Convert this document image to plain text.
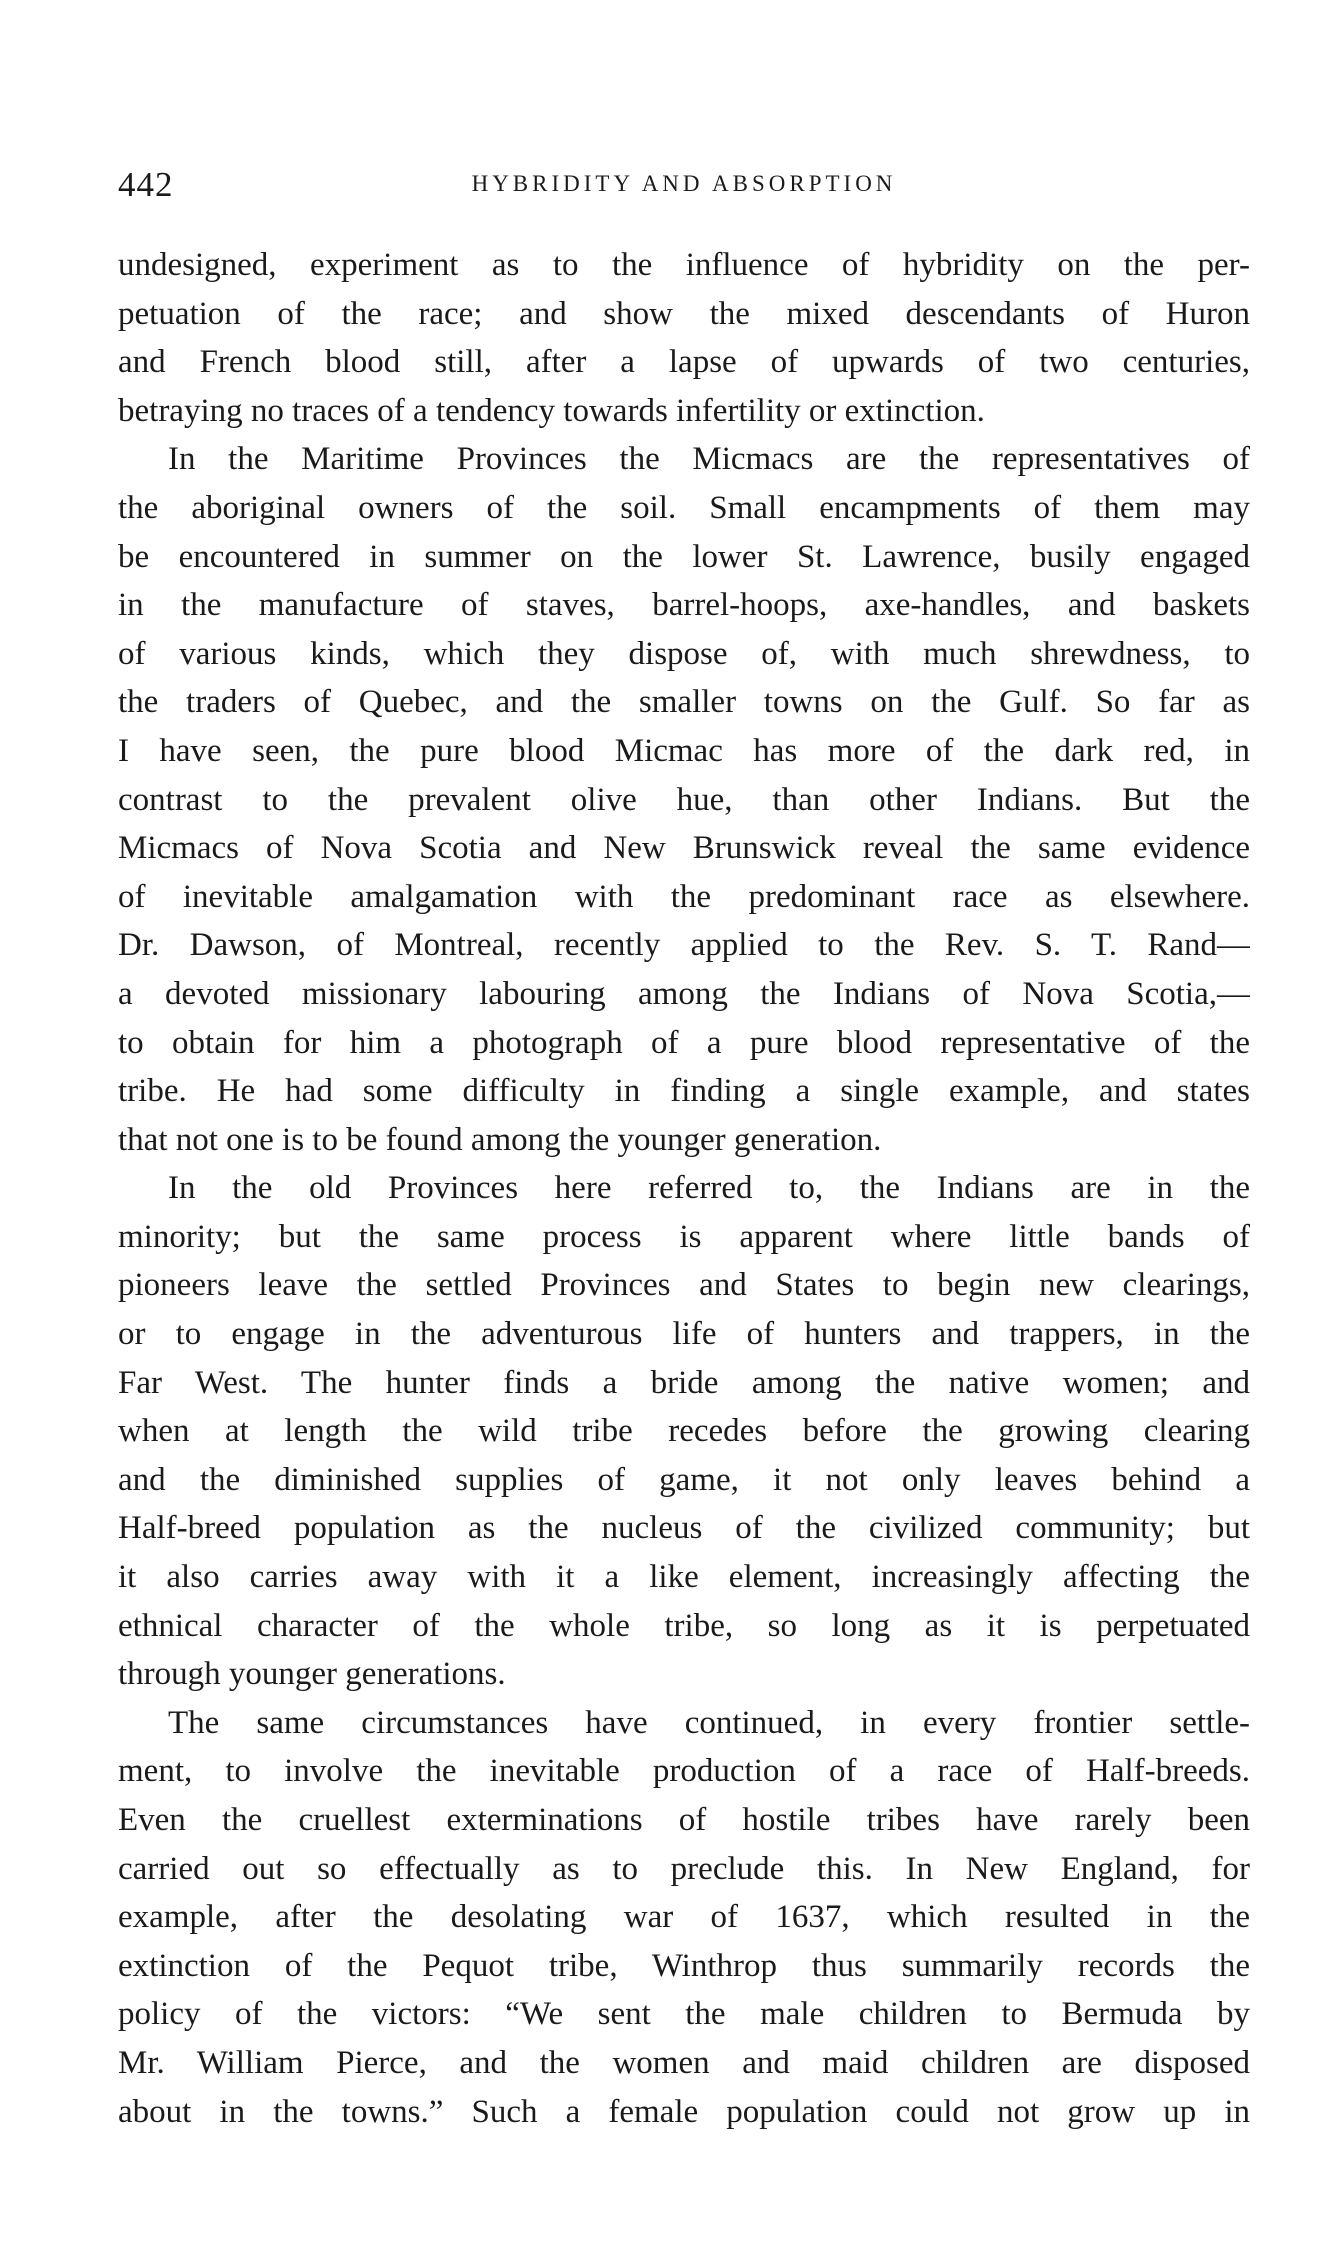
442	HYBRIDITY AND ABSORPTION

undesigned, experiment as to the influence of hybridity on the per-
petuation of the race; and show the mixed descendants of Huron
and French blood still, after a lapse of upwards of two centuries,
betraying no traces of a tendency towards infertility or extinction.

In the Maritime Provinces the Micmacs are the representatives of
the aboriginal owners of the soil. Small encampments of them may
be encountered in summer on the lower St. Lawrence, busily engaged
in the manufacture of staves, barrel-hoops, axe-handles, and baskets
of various kinds, which they dispose of, with much shrewdness, to
the traders of Quebec, and the smaller towns on the Gulf. So far as
I have seen, the pure blood Micmac has more of the dark red, in
contrast to the prevalent olive hue, than other Indians. But the
Micmacs of Nova Scotia and New Brunswick reveal the same evidence
of inevitable amalgamation with the predominant race as elsewhere.
Dr. Dawson, of Montreal, recently applied to the Rev. S. T. Rand—
a devoted missionary labouring among the Indians of Nova Scotia,—
to obtain for him a photograph of a pure blood representative of the
tribe. He had some difficulty in finding a single example, and states
that not one is to be found among the younger generation.

In the old Provinces here referred to, the Indians are in the
minority; but the same process is apparent where little bands of
pioneers leave the settled Provinces and States to begin new clearings,
or to engage in the adventurous life of hunters and trappers, in the
Far West. The hunter finds a bride among the native women; and
when at length the wild tribe recedes before the growing clearing
and the diminished supplies of game, it not only leaves behind a
Half-breed population as the nucleus of the civilized community; but
it also carries away with it a like element, increasingly affecting the
ethnical character of the whole tribe, so long as it is perpetuated
through younger generations.

The same circumstances have continued, in every frontier settle-
ment, to involve the inevitable production of a race of Half-breeds.
Even the cruellest exterminations of hostile tribes have rarely been
carried out so effectually as to preclude this. In New England, for
example, after the desolating war of 1637, which resulted in the
extinction of the Pequot tribe, Winthrop thus summarily records the
policy of the victors: “We sent the male children to Bermuda by
Mr. William Pierce, and the women and maid children are disposed
about in the towns.” Such a female population could not grow up in
